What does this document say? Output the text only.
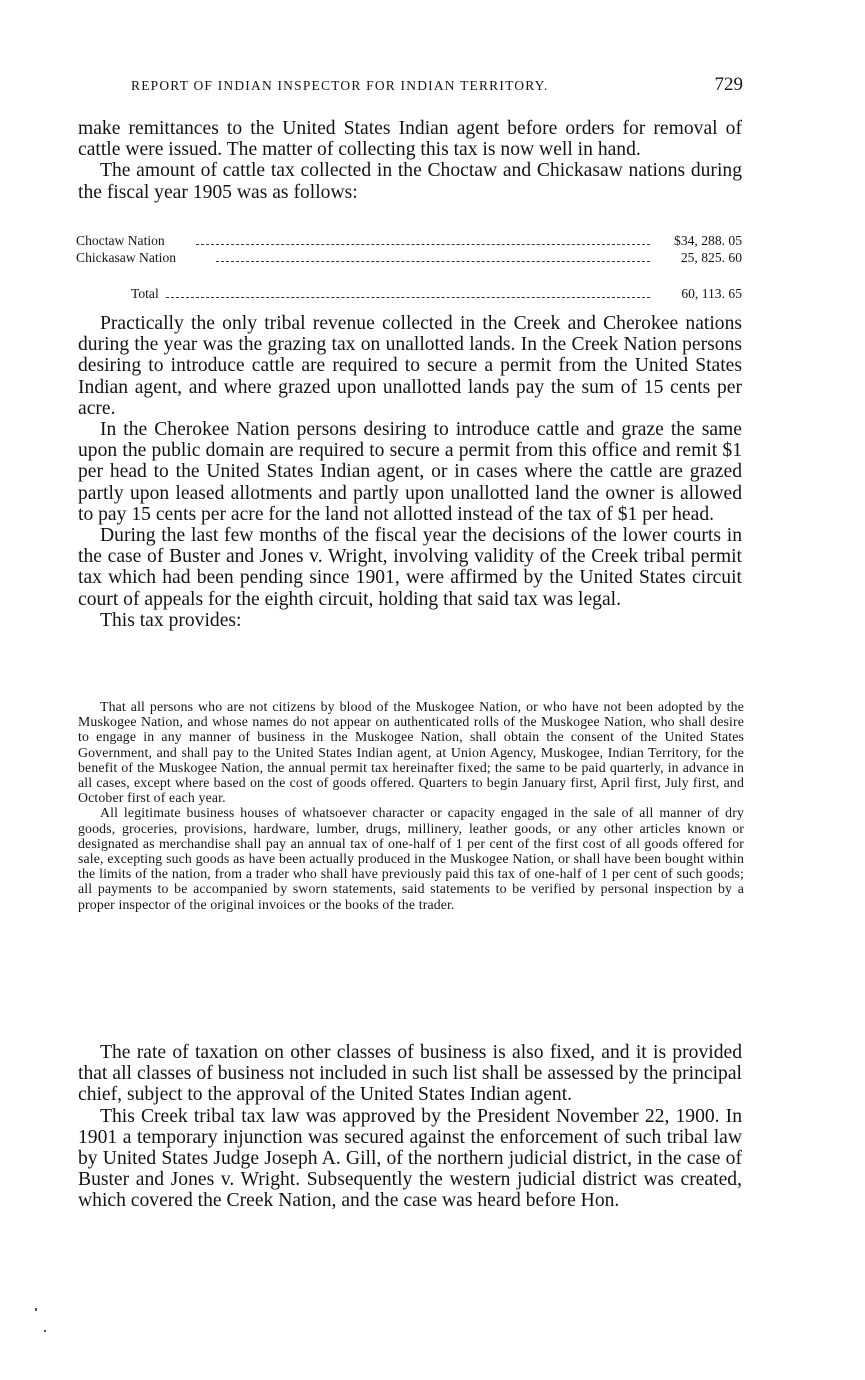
REPORT OF INDIAN INSPECTOR FOR INDIAN TERRITORY.	729

make remittances to the United States Indian agent before orders for removal of cattle were issued. The matter of collecting this tax is now well in hand.

The amount of cattle tax collected in the Choctaw and Chickasaw nations during the fiscal year 1905 was as follows:

Choctaw Nation	$34, 288. 05
Chickasaw Nation	25, 825. 60
Total	60, 113. 65

Practically the only tribal revenue collected in the Creek and Cherokee nations during the year was the grazing tax on unallotted lands. In the Creek Nation persons desiring to introduce cattle are required to secure a permit from the United States Indian agent, and where grazed upon unallotted lands pay the sum of 15 cents per acre.

In the Cherokee Nation persons desiring to introduce cattle and graze the same upon the public domain are required to secure a permit from this office and remit $1 per head to the United States Indian agent, or in cases where the cattle are grazed partly upon leased allotments and partly upon unallotted land the owner is allowed to pay 15 cents per acre for the land not allotted instead of the tax of $1 per head.

During the last few months of the fiscal year the decisions of the lower courts in the case of Buster and Jones v. Wright, involving validity of the Creek tribal permit tax which had been pending since 1901, were affirmed by the United States circuit court of appeals for the eighth circuit, holding that said tax was legal.

This tax provides:

That all persons who are not citizens by blood of the Muskogee Nation, or who have not been adopted by the Muskogee Nation, and whose names do not appear on authenticated rolls of the Muskogee Nation, who shall desire to engage in any manner of business in the Muskogee Nation, shall obtain the consent of the United States Government, and shall pay to the United States Indian agent, at Union Agency, Muskogee, Indian Territory, for the benefit of the Muskogee Nation, the annual permit tax hereinafter fixed; the same to be paid quarterly, in advance in all cases, except where based on the cost of goods offered. Quarters to begin January first, April first, July first, and October first of each year.

All legitimate business houses of whatsoever character or capacity engaged in the sale of all manner of dry goods, groceries, provisions, hardware, lumber, drugs, millinery, leather goods, or any other articles known or designated as merchandise shall pay an annual tax of one-half of 1 per cent of the first cost of all goods offered for sale, excepting such goods as have been actually produced in the Muskogee Nation, or shall have been bought within the limits of the nation, from a trader who shall have previously paid this tax of one-half of 1 per cent of such goods; all payments to be accompanied by sworn statements, said statements to be verified by personal inspection by a proper inspector of the original invoices or the books of the trader.

The rate of taxation on other classes of business is also fixed, and it is provided that all classes of business not included in such list shall be assessed by the principal chief, subject to the approval of the United States Indian agent.

This Creek tribal tax law was approved by the President November 22, 1900. In 1901 a temporary injunction was secured against the enforcement of such tribal law by United States Judge Joseph A. Gill, of the northern judicial district, in the case of Buster and Jones v. Wright. Subsequently the western judicial district was created, which covered the Creek Nation, and the case was heard before Hon.
